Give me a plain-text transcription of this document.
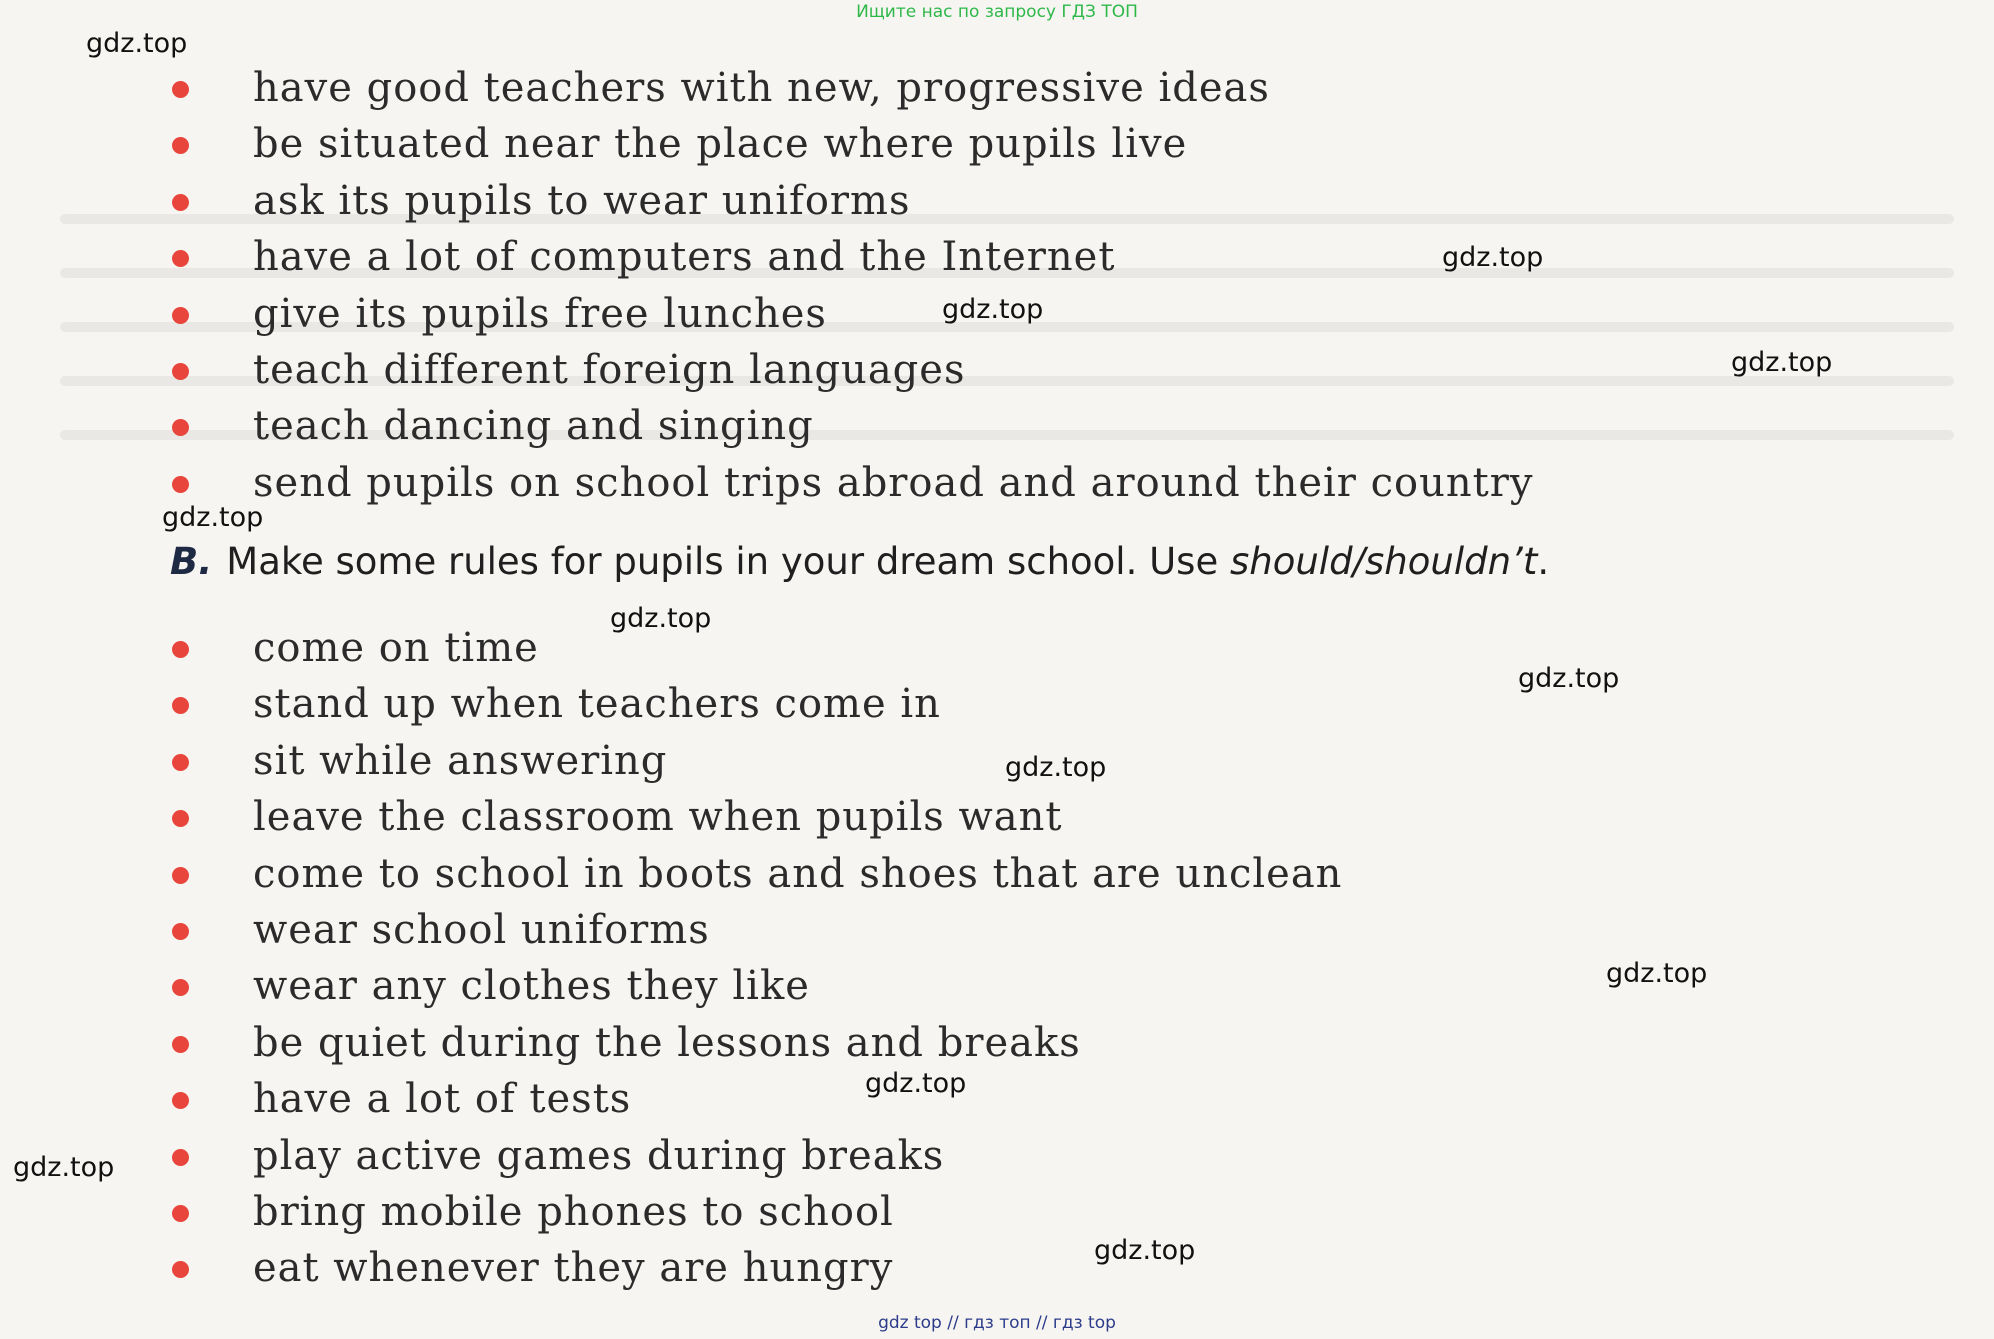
Ищите нас по запросу ГДЗ ТОП
have good teachers with new, progressive ideas
be situated near the place where pupils live
ask its pupils to wear uniforms
have a lot of computers and the Internet
give its pupils free lunches
teach different foreign languages
teach dancing and singing
send pupils on school trips abroad and around their country
B. Make some rules for pupils in your dream school. Use should/shouldn’t.
come on time
stand up when teachers come in
sit while answering
leave the classroom when pupils want
come to school in boots and shoes that are unclean
wear school uniforms
wear any clothes they like
be quiet during the lessons and breaks
have a lot of tests
play active games during breaks
bring mobile phones to school
eat whenever they are hungry
gdz.top
gdz.top
gdz.top
gdz.top
gdz.top
gdz.top
gdz.top
gdz.top
gdz.top
gdz.top
gdz.top
gdz.top
gdz top // гдз топ // гдз top
